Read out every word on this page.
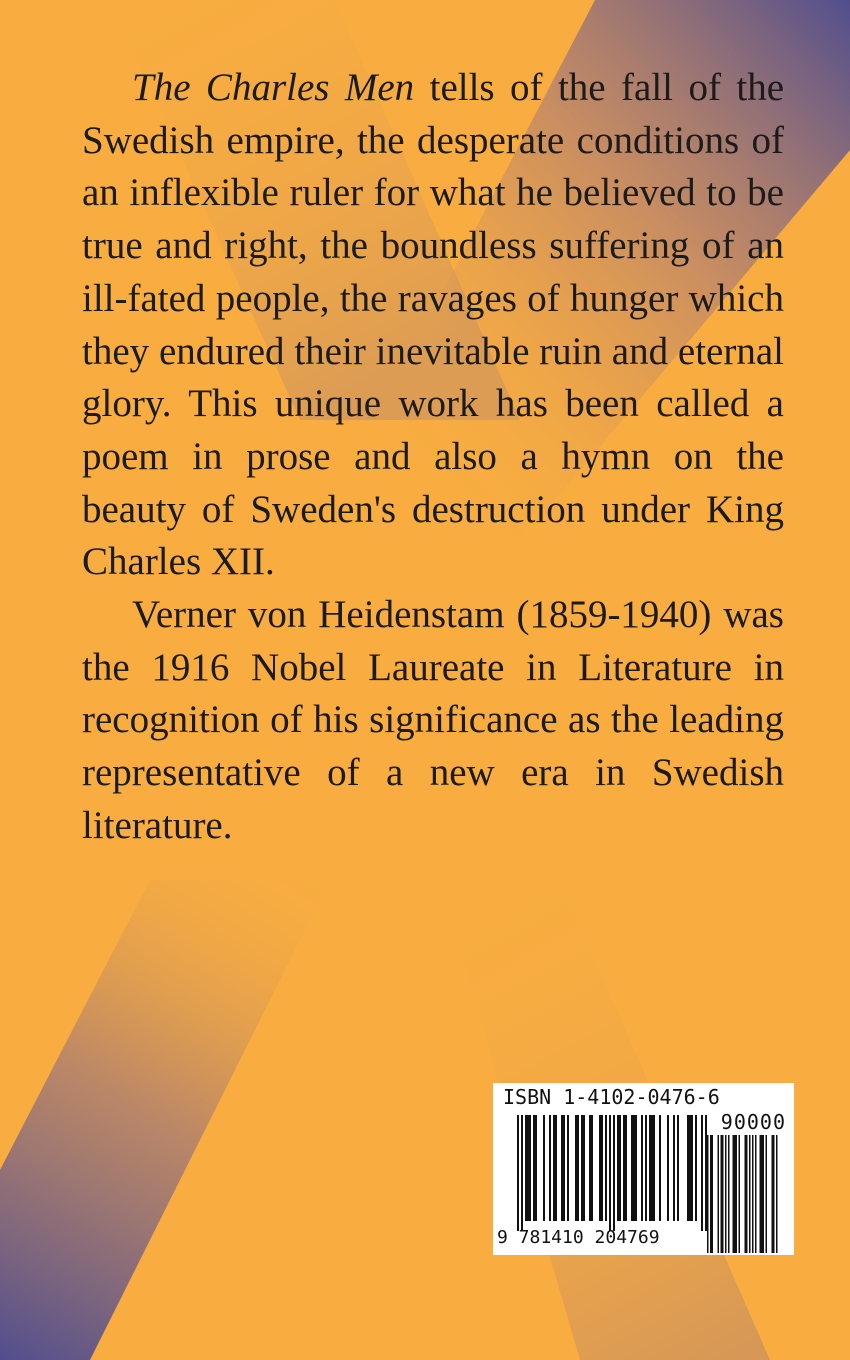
The Charles Men tells of the fall of the Swedish empire, the desperate conditions of an inflexible ruler for what he believed to be true and right, the boundless suffering of an ill-fated people, the ravages of hunger which they endured their inevitable ruin and eternal glory. This unique work has been called a poem in prose and also a hymn on the beauty of Sweden's destruction under King Charles XII.

Verner von Heidenstam (1859-1940) was the 1916 Nobel Laureate in Literature in recognition of his significance as the leading representative of a new era in Swedish literature.

ISBN 1-4102-0476-6
90000
9 781410 204769
